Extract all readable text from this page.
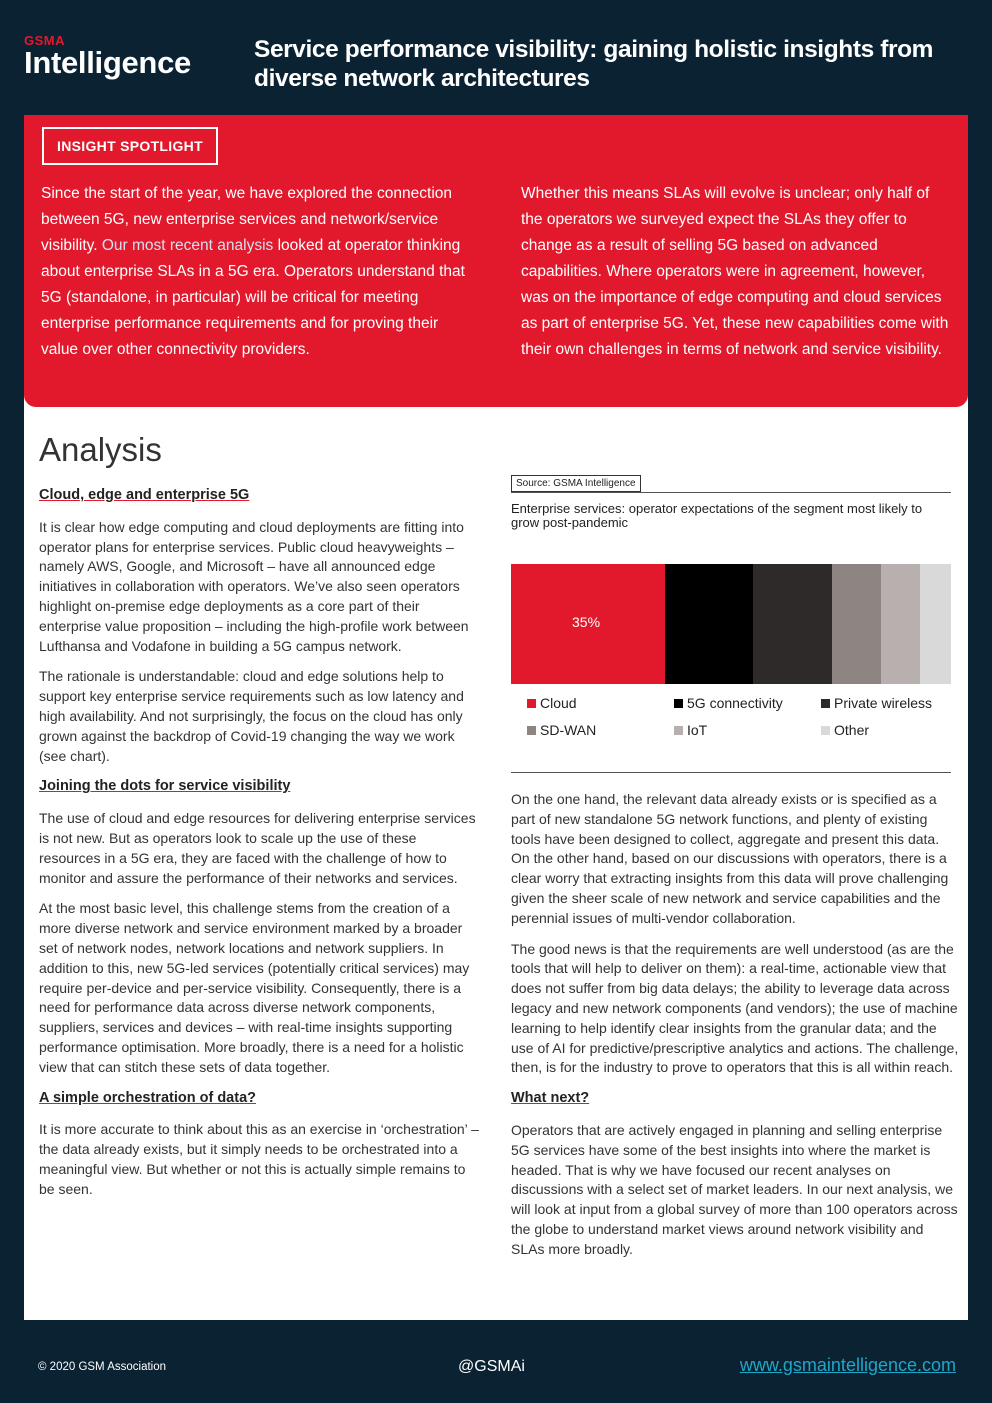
GSMA
Intelligence	Service performance visibility: gaining holistic insights from diverse network architectures
INSIGHT SPOTLIGHT
Since the start of the year, we have explored the connection between 5G, new enterprise services and network/service visibility. Our most recent analysis looked at operator thinking about enterprise SLAs in a 5G era. Operators understand that 5G (standalone, in particular) will be critical for meeting enterprise performance requirements and for proving their value over other connectivity providers.
Whether this means SLAs will evolve is unclear; only half of the operators we surveyed expect the SLAs they offer to change as a result of selling 5G based on advanced capabilities. Where operators were in agreement, however, was on the importance of edge computing and cloud services as part of enterprise 5G. Yet, these new capabilities come with their own challenges in terms of network and service visibility.
Analysis
Cloud, edge and enterprise 5G

It is clear how edge computing and cloud deployments are fitting into operator plans for enterprise services. Public cloud heavyweights – namely AWS, Google, and Microsoft – have all announced edge initiatives in collaboration with operators. We’ve also seen operators highlight on-premise edge deployments as a core part of their enterprise value proposition – including the high-profile work between Lufthansa and Vodafone in building a 5G campus network.

The rationale is understandable: cloud and edge solutions help to support key enterprise service requirements such as low latency and high availability. And not surprisingly, the focus on the cloud has only grown against the backdrop of Covid-19 changing the way we work (see chart).

Joining the dots for service visibility

The use of cloud and edge resources for delivering enterprise services is not new. But as operators look to scale up the use of these resources in a 5G era, they are faced with the challenge of how to monitor and assure the performance of their networks and services.

At the most basic level, this challenge stems from the creation of a more diverse network and service environment marked by a broader set of network nodes, network locations and network suppliers. In addition to this, new 5G-led services (potentially critical services) may require per-device and per-service visibility. Consequently, there is a need for performance data across diverse network components, suppliers, services and devices – with real-time insights supporting performance optimisation. More broadly, there is a need for a holistic view that can stitch these sets of data together.

A simple orchestration of data?

It is more accurate to think about this as an exercise in ‘orchestration’ – the data already exists, but it simply needs to be orchestrated into a meaningful view. But whether or not this is actually simple remains to be seen.

Source: GSMA Intelligence
Enterprise services: operator expectations of the segment most likely to grow post-pandemic
35%
Cloud	5G connectivity	Private wireless
SD-WAN	IoT	Other

On the one hand, the relevant data already exists or is specified as a part of new standalone 5G network functions, and plenty of existing tools have been designed to collect, aggregate and present this data. On the other hand, based on our discussions with operators, there is a clear worry that extracting insights from this data will prove challenging given the sheer scale of new network and service capabilities and the perennial issues of multi-vendor collaboration.

The good news is that the requirements are well understood (as are the tools that will help to deliver on them): a real-time, actionable view that does not suffer from big data delays; the ability to leverage data across legacy and new network components (and vendors); the use of machine learning to help identify clear insights from the granular data; and the use of AI for predictive/prescriptive analytics and actions. The challenge, then, is for the industry to prove to operators that this is all within reach.

What next?

Operators that are actively engaged in planning and selling enterprise 5G services have some of the best insights into where the market is headed. That is why we have focused our recent analyses on discussions with a select set of market leaders. In our next analysis, we will look at input from a global survey of more than 100 operators across the globe to understand market views around network visibility and SLAs more broadly.

© 2020 GSM Association	@GSMAi	www.gsmaintelligence.com
